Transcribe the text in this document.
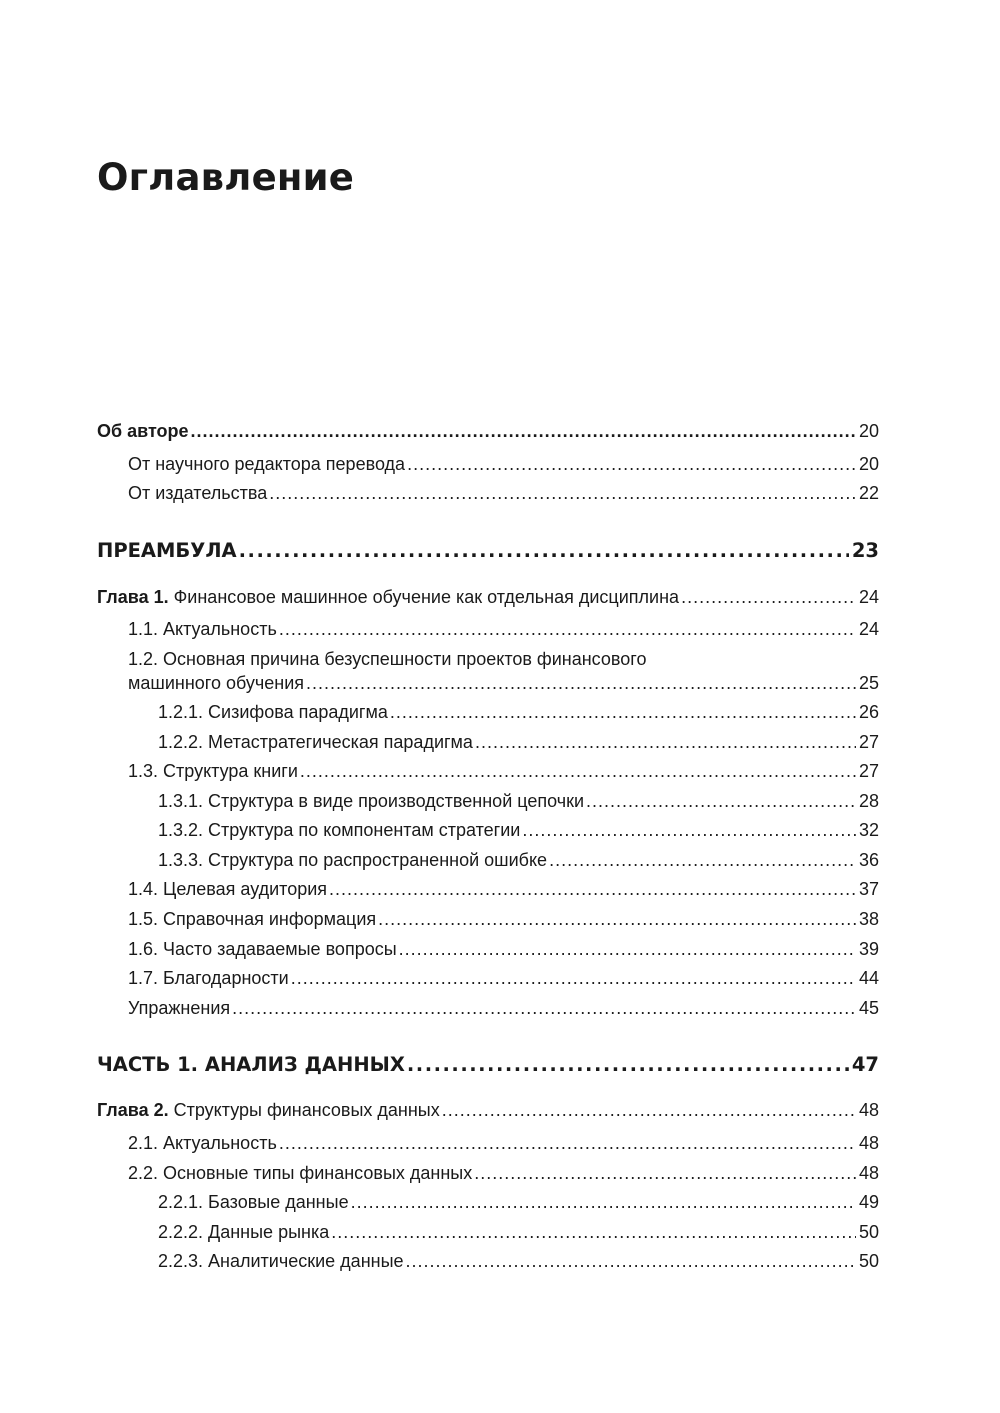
Оглавление
Об авторе .....	20
От научного редактора перевода .....	20
От издательства .....	22
ПРЕАМБУЛА .....	23
Глава 1. Финансовое машинное обучение как отдельная дисциплина .....	24
1.1. Актуальность .....	24
1.2. Основная причина безуспешности проектов финансового
машинного обучения .....	25
1.2.1. Сизифова парадигма .....	26
1.2.2. Метастратегическая парадигма .....	27
1.3. Структура книги .....	27
1.3.1. Структура в виде производственной цепочки .....	28
1.3.2. Структура по компонентам стратегии .....	32
1.3.3. Структура по распространенной ошибке .....	36
1.4. Целевая аудитория .....	37
1.5. Справочная информация .....	38
1.6. Часто задаваемые вопросы .....	39
1.7. Благодарности .....	44
Упражнения .....	45
ЧАСТЬ 1. АНАЛИЗ ДАННЫХ .....	47
Глава 2. Структуры финансовых данных .....	48
2.1. Актуальность .....	48
2.2. Основные типы финансовых данных .....	48
2.2.1. Базовые данные .....	49
2.2.2. Данные рынка .....	50
2.2.3. Аналитические данные .....	50
